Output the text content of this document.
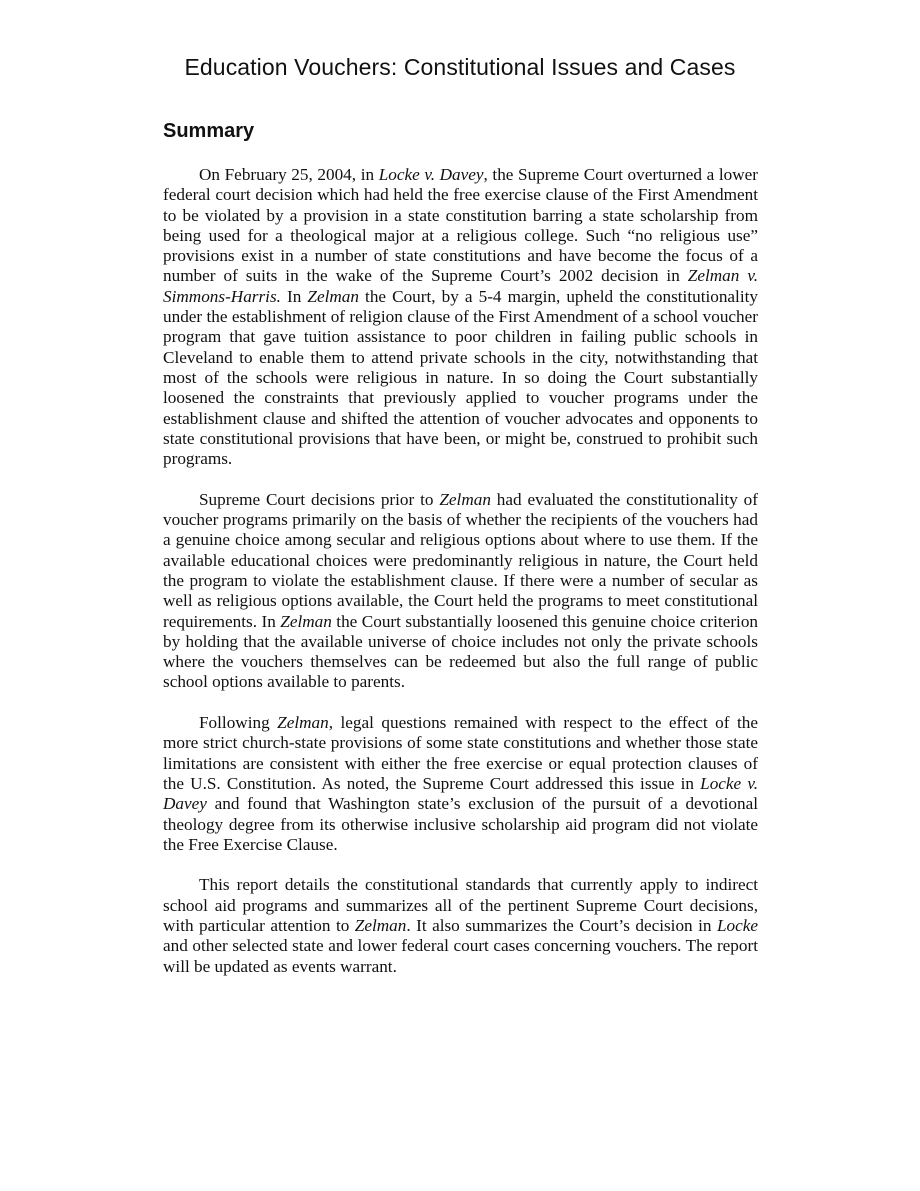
Education Vouchers: Constitutional Issues and Cases
Summary

On February 25, 2004, in Locke v. Davey, the Supreme Court overturned a lower federal court decision which had held the free exercise clause of the First Amendment to be violated by a provision in a state constitution barring a state scholarship from being used for a theological major at a religious college. Such “no religious use” provisions exist in a number of state constitutions and have become the focus of a number of suits in the wake of the Supreme Court’s 2002 decision in Zelman v. Simmons-Harris. In Zelman the Court, by a 5-4 margin, upheld the constitutionality under the establishment of religion clause of the First Amendment of a school voucher program that gave tuition assistance to poor children in failing public schools in Cleveland to enable them to attend private schools in the city, notwithstanding that most of the schools were religious in nature. In so doing the Court substantially loosened the constraints that previously applied to voucher programs under the establishment clause and shifted the attention of voucher advocates and opponents to state constitutional provisions that have been, or might be, construed to prohibit such programs.

Supreme Court decisions prior to Zelman had evaluated the constitutionality of voucher programs primarily on the basis of whether the recipients of the vouchers had a genuine choice among secular and religious options about where to use them. If the available educational choices were predominantly religious in nature, the Court held the program to violate the establishment clause. If there were a number of secular as well as religious options available, the Court held the programs to meet constitutional requirements. In Zelman the Court substantially loosened this genuine choice criterion by holding that the available universe of choice includes not only the private schools where the vouchers themselves can be redeemed but also the full range of public school options available to parents.

Following Zelman, legal questions remained with respect to the effect of the more strict church-state provisions of some state constitutions and whether those state limitations are consistent with either the free exercise or equal protection clauses of the U.S. Constitution. As noted, the Supreme Court addressed this issue in Locke v. Davey and found that Washington state’s exclusion of the pursuit of a devotional theology degree from its otherwise inclusive scholarship aid program did not violate the Free Exercise Clause.

This report details the constitutional standards that currently apply to indirect school aid programs and summarizes all of the pertinent Supreme Court decisions, with particular attention to Zelman. It also summarizes the Court’s decision in Locke and other selected state and lower federal court cases concerning vouchers. The report will be updated as events warrant.
